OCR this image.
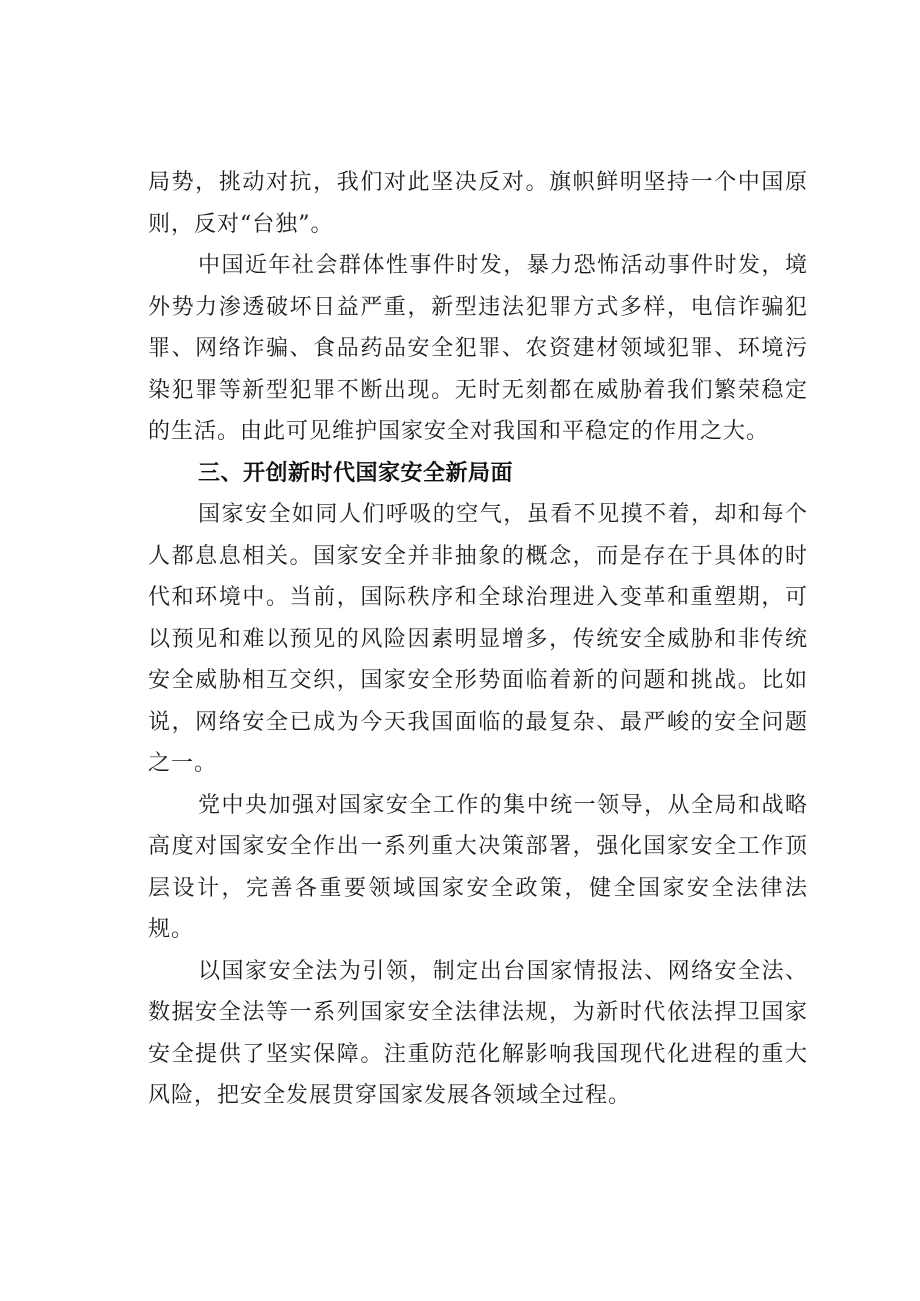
局势，挑动对抗，我们对此坚决反对。旗帜鲜明坚持一个中国原则，反对“台独”。

中国近年社会群体性事件时发，暴力恐怖活动事件时发，境外势力渗透破坏日益严重，新型违法犯罪方式多样，电信诈骗犯罪、网络诈骗、食品药品安全犯罪、农资建材领域犯罪、环境污染犯罪等新型犯罪不断出现。无时无刻都在威胁着我们繁荣稳定的生活。由此可见维护国家安全对我国和平稳定的作用之大。

三、开创新时代国家安全新局面

国家安全如同人们呼吸的空气，虽看不见摸不着，却和每个人都息息相关。国家安全并非抽象的概念，而是存在于具体的时代和环境中。当前，国际秩序和全球治理进入变革和重塑期，可以预见和难以预见的风险因素明显增多，传统安全威胁和非传统安全威胁相互交织，国家安全形势面临着新的问题和挑战。比如说，网络安全已成为今天我国面临的最复杂、最严峻的安全问题之一。

党中央加强对国家安全工作的集中统一领导，从全局和战略高度对国家安全作出一系列重大决策部署，强化国家安全工作顶层设计，完善各重要领域国家安全政策，健全国家安全法律法规。

以国家安全法为引领，制定出台国家情报法、网络安全法、数据安全法等一系列国家安全法律法规，为新时代依法捍卫国家安全提供了坚实保障。注重防范化解影响我国现代化进程的重大风险，把安全发展贯穿国家发展各领域全过程。
